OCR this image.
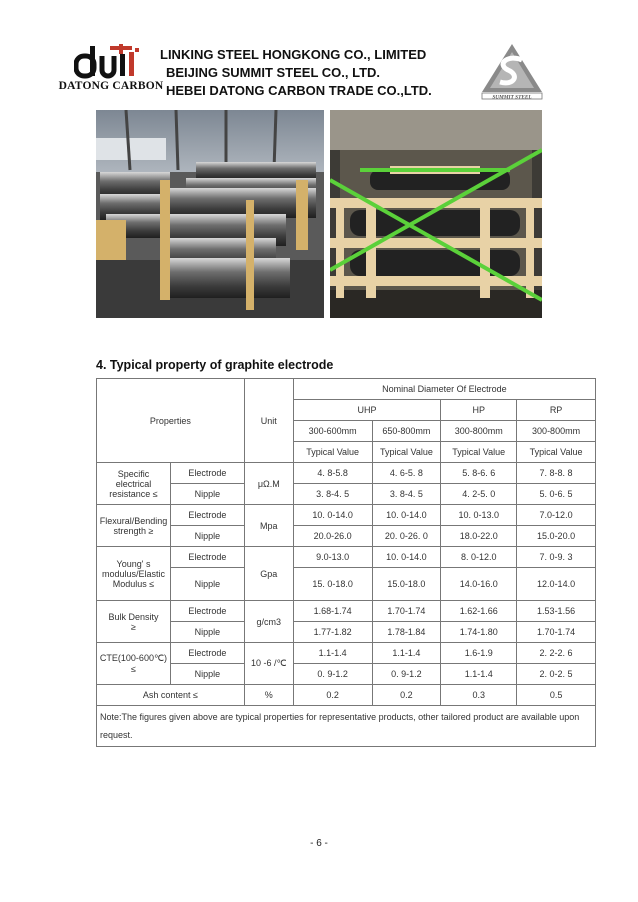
DATONG CARBON
LINKING STEEL HONGKONG CO., LIMITED
BEIJING SUMMIT STEEL CO., LTD.
HEBEI DATONG CARBON TRADE CO.,LTD.	SUMMIT STEEL
4. Typical property of graphite electrode
Properties		Unit	Nominal Diameter Of Electrode			
			UHP		HP	RP
			300-600mm	650-800mm	300-800mm	300-800mm
			Typical Value	Typical Value	Typical Value	Typical Value

Specific electrical
resistance ≤	Electrode	μΩ.M	4. 8-5.8	4. 6-5. 8	5. 8-6. 6	7. 8-8. 8
	Nipple		3. 8-4. 5	3. 8-4. 5	4. 2-5. 0	5. 0-6. 5

Flexural/Bending
strength ≥	Electrode	Mpa	10. 0-14.0	10. 0-14.0	10. 0-13.0	7.0-12.0
	Nipple		20.0-26.0	20. 0-26. 0	18.0-22.0	15.0-20.0

Young' s
modulus/Elastic
Modulus ≤	Electrode	Gpa	9.0-13.0	10. 0-14.0	8. 0-12.0	7. 0-9. 3
	Nipple		15. 0-18.0	15.0-18.0	14.0-16.0	12.0-14.0

Bulk Density
≥	Electrode	g/cm3	1.68-1.74	1.70-1.74	1.62-1.66	1.53-1.56
	Nipple		1.77-1.82	1.78-1.84	1.74-1.80	1.70-1.74

CTE(100-600℃)
≤	Electrode	10 -6 /℃	1.1-1.4	1.1-1.4	1.6-1.9	2. 2-2. 6
	Nipple		0. 9-1.2	0. 9-1.2	1.1-1.4	2. 0-2. 5
Ash content ≤		%	0.2	0.2	0.3	0.5
Note:The figures given above are typical properties for representative products, other tailored product are available upon request.						
- 6 -
